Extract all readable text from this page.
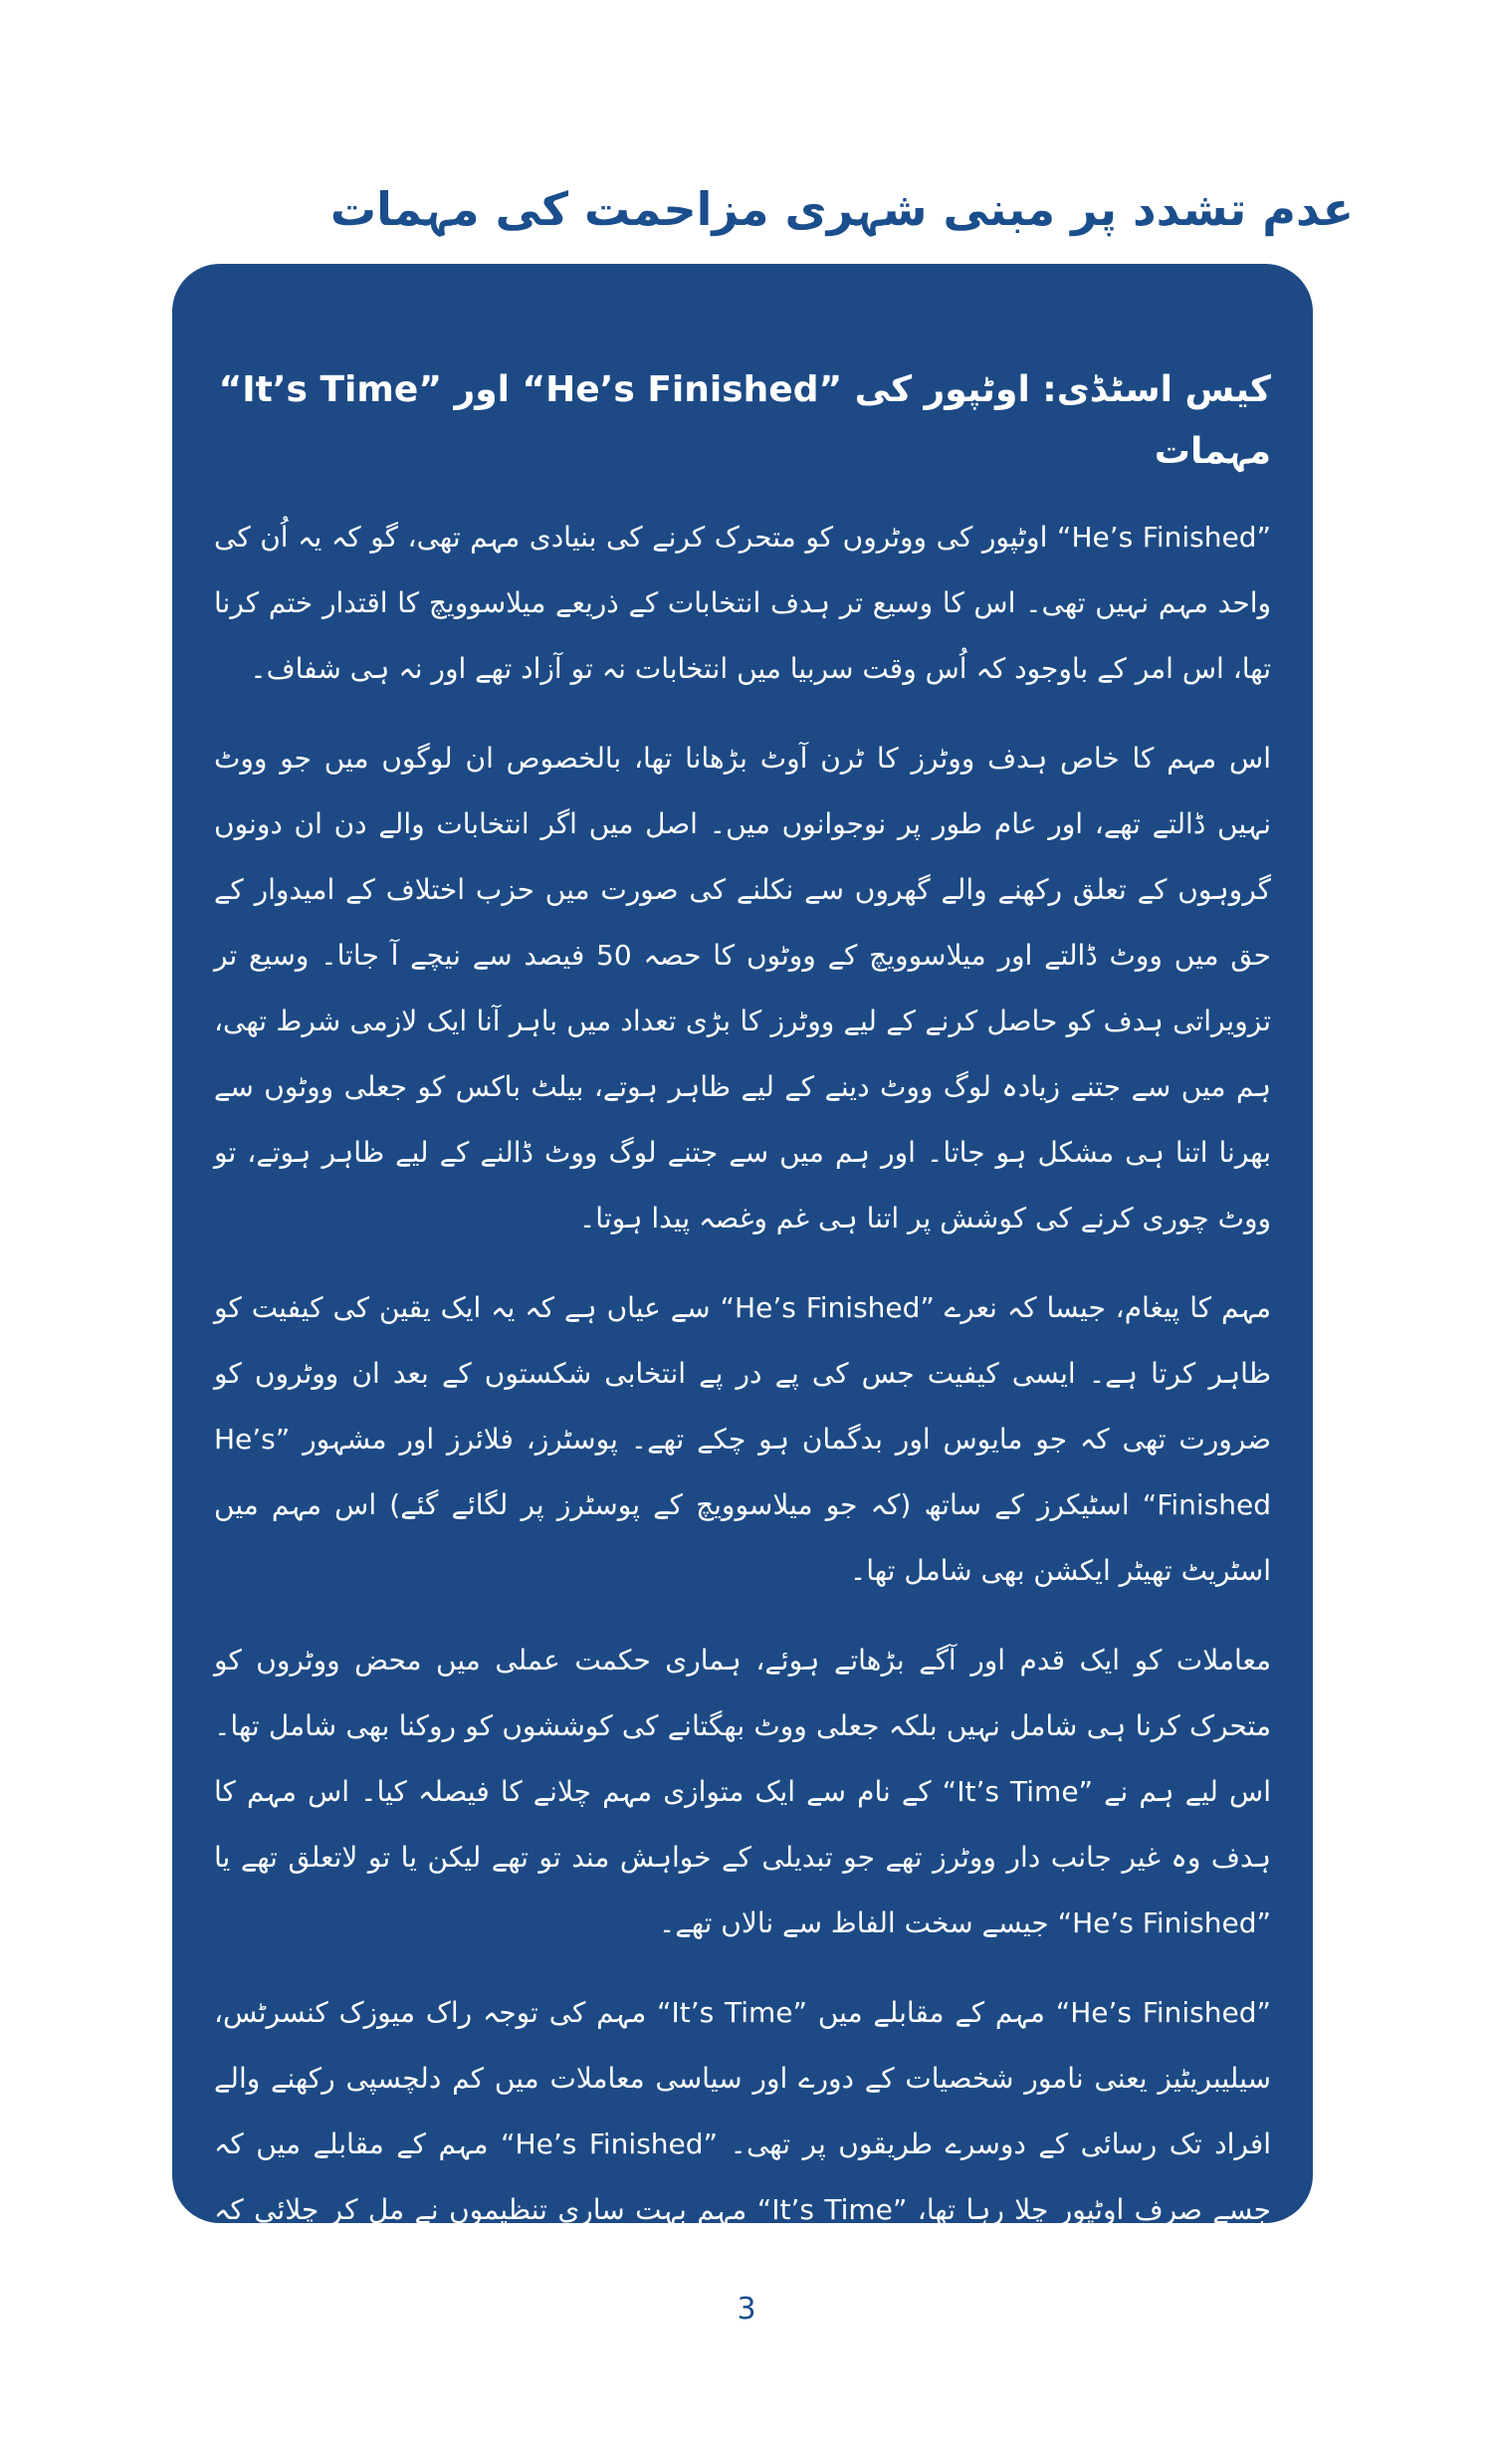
عدم تشدد پر مبنی شہری مزاحمت کی مہمات
کیس اسٹڈی: اوٹپور کی ”He’s Finished“ اور ”It’s Time“ مہمات

”He’s Finished“ اوٹپور کی ووٹروں کو متحرک کرنے کی بنیادی مہم تھی، گو کہ یہ اُن کی واحد مہم نہیں تھی۔ اس کا وسیع تر ہدف انتخابات کے ذریعے میلاسوویچ کا اقتدار ختم کرنا تھا، اس امر کے باوجود کہ اُس وقت سربیا میں انتخابات نہ تو آزاد تھے اور نہ ہی شفاف۔

اس مہم کا خاص ہدف ووٹرز کا ٹرن آوٹ بڑھانا تھا، بالخصوص ان لوگوں میں جو ووٹ نہیں ڈالتے تھے، اور عام طور پر نوجوانوں میں۔ اصل میں اگر انتخابات والے دن ان دونوں گروہوں کے تعلق رکھنے والے گھروں سے نکلنے کی صورت میں حزب اختلاف کے امیدوار کے حق میں ووٹ ڈالتے اور میلاسوویچ کے ووٹوں کا حصہ 50 فیصد سے نیچے آ جاتا۔ وسیع تر تزویراتی ہدف کو حاصل کرنے کے لیے ووٹرز کا بڑی تعداد میں باہر آنا ایک لازمی شرط تھی، ہم میں سے جتنے زیادہ لوگ ووٹ دینے کے لیے ظاہر ہوتے، بیلٹ باکس کو جعلی ووٹوں سے بھرنا اتنا ہی مشکل ہو جاتا۔ اور ہم میں سے جتنے لوگ ووٹ ڈالنے کے لیے ظاہر ہوتے، تو ووٹ چوری کرنے کی کوشش پر اتنا ہی غم وغصہ پیدا ہوتا۔

مہم کا پیغام، جیسا کہ نعرے ”He’s Finished“ سے عیاں ہے کہ یہ ایک یقین کی کیفیت کو ظاہر کرتا ہے۔ ایسی کیفیت جس کی پے در پے انتخابی شکستوں کے بعد ان ووٹروں کو ضرورت تھی کہ جو مایوس اور بدگمان ہو چکے تھے۔ پوسٹرز، فلائرز اور مشہور ”He’s Finished“ اسٹیکرز کے ساتھ (کہ جو میلاسوویچ کے پوسٹرز پر لگائے گئے) اس مہم میں اسٹریٹ تھیٹر ایکشن بھی شامل تھا۔

معاملات کو ایک قدم اور آگے بڑھاتے ہوئے، ہماری حکمت عملی میں محض ووٹروں کو متحرک کرنا ہی شامل نہیں بلکہ جعلی ووٹ بھگتانے کی کوششوں کو روکنا بھی شامل تھا۔ اس لیے ہم نے ”It’s Time“ کے نام سے ایک متوازی مہم چلانے کا فیصلہ کیا۔ اس مہم کا ہدف وہ غیر جانب دار ووٹرز تھے جو تبدیلی کے خواہش مند تو تھے لیکن یا تو لاتعلق تھے یا ”He’s Finished“ جیسے سخت الفاظ سے نالاں تھے۔

”He’s Finished“ مہم کے مقابلے میں ”It’s Time“ مہم کی توجہ راک میوزک کنسرٹس، سیلیبریٹیز یعنی نامور شخصیات کے دورے اور سیاسی معاملات میں کم دلچسپی رکھنے والے افراد تک رسائی کے دوسرے طریقوں پر تھی۔ ”He’s Finished“ مہم کے مقابلے میں کہ جسے صرف اوٹپور چلا رہا تھا، ”It’s Time“ مہم بہت ساری تنظیموں نے مل کر چلائی کہ جن میں اوٹپور بھی شامل تھی۔

دونوں مہمات نے اپنے اہداف حاصل کیے اور ریکارڈ ٹرن آوٹ (جو 30 سال سے کم عمر افراد میں 70 فیصد سے بھی زیادہ تھا) کی بدولت میلاسوویچ کو شکست ہوئی۔

3
